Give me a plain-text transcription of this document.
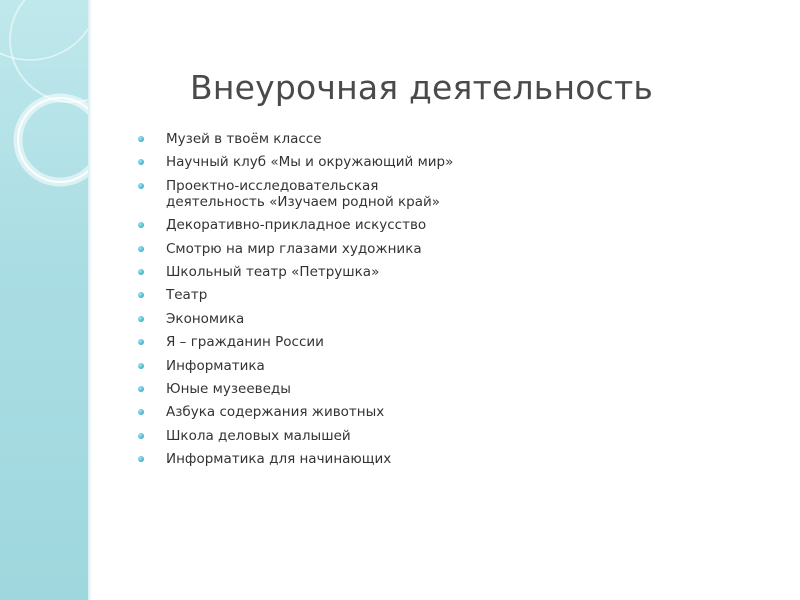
Внеурочная деятельность
Музей в твоём классе
Научный клуб «Мы и окружающий мир»
Проектно-исследовательская деятельность «Изучаем родной край»
Декоративно-прикладное искусство
Смотрю на мир глазами художника
Школьный театр «Петрушка»
Театр
Экономика
Я – гражданин России
Информатика
Юные музееведы
Азбука содержания животных
Школа деловых малышей
Информатика для начинающих
